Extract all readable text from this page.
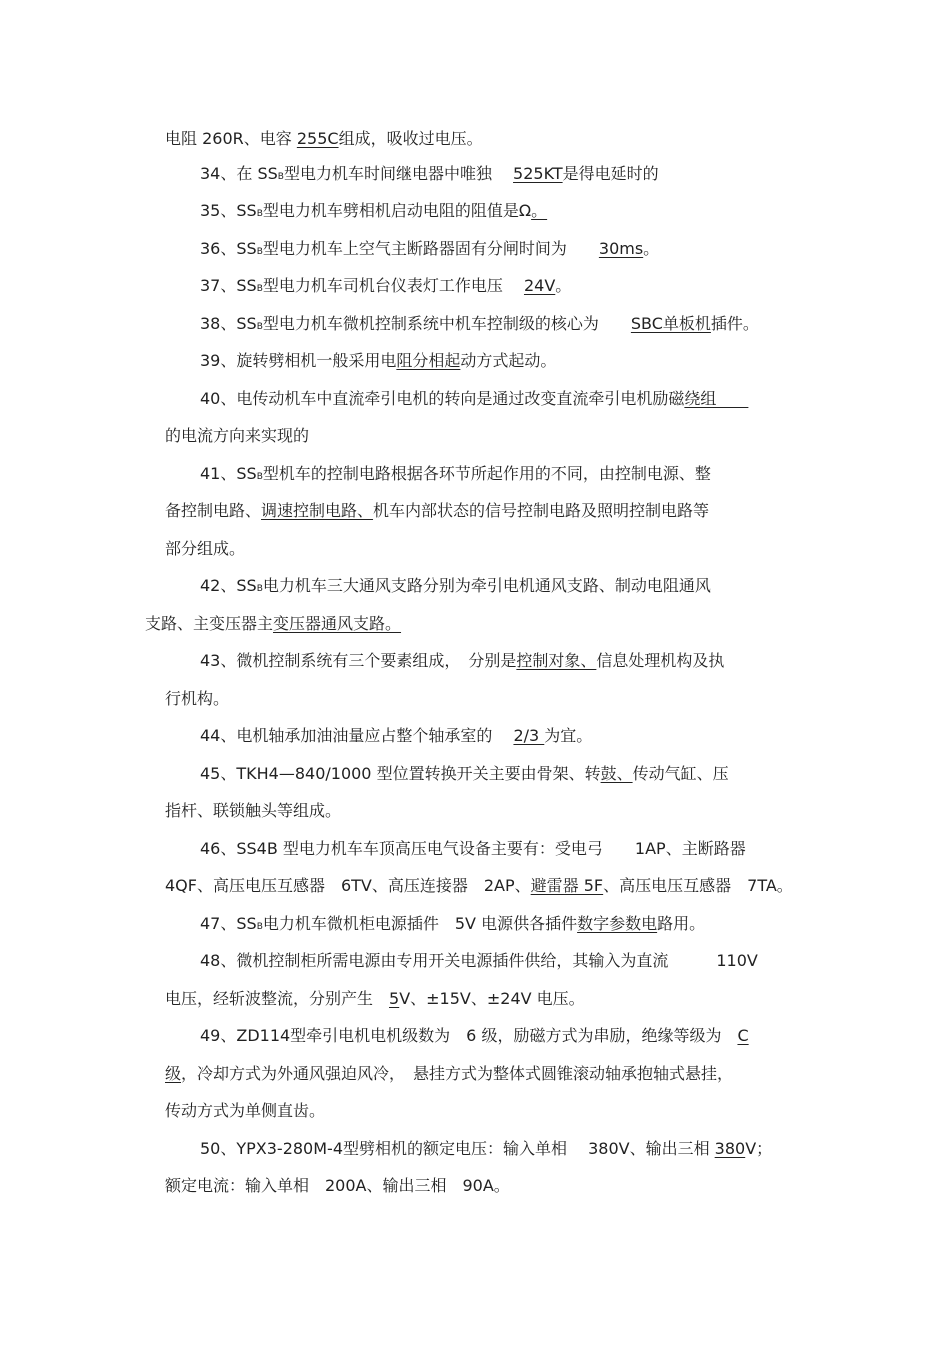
电阻 260R、电容 255C组成，吸收过电压。
34、在 SSB型电力机车时间继电器中唯独 　525KT是得电延时的
35、SSB型电力机车劈相机启动电阻的阻值是Ω。
36、SSB型电力机车上空气主断路器固有分闸时间为　　30ms。
37、SSB型电力机车司机台仪表灯工作电压　 24V。
38、SSB型电力机车微机控制系统中机车控制级的核心为　　SBC单板机插件。
39、旋转劈相机一般采用电阻分相起动方式起动。
40、电传动机车中直流牵引电机的转向是通过改变直流牵引电机励磁绕组　　
的电流方向来实现的
41、SSB型机车的控制电路根据各环节所起作用的不同，由控制电源、整
备控制电路、调速控制电路、机车内部状态的信号控制电路及照明控制电路等
部分组成。
42、SSB电力机车三大通风支路分别为牵引电机通风支路、制动电阻通风
支路、主变压器主变压器通风支路。
43、微机控制系统有三个要素组成，　分别是控制对象、信息处理机构及执
行机构。
44、电机轴承加油油量应占整个轴承室的　 2/3 为宜。
45、TKH4—840/1000 型位置转换开关主要由骨架、转鼓、传动气缸、压
指杆、联锁触头等组成。
46、SS4B 型电力机车车顶高压电气设备主要有：受电弓　　1AP、主断路器
4QF、高压电压互感器　6TV、高压连接器　2AP、避雷器 5F、高压电压互感器　7TA。
47、SSB电力机车微机柜电源插件　5V 电源供各插件数字参数电路用。
48、微机控制柜所需电源由专用开关电源插件供给，其输入为直流　　　110V
电压，经斩波整流，分别产生　5V、±15V、±24V 电压。
49、ZD114型牵引电机电机级数为　6 级，励磁方式为串励，绝缘等级为　C
级，冷却方式为外通风强迫风冷，　悬挂方式为整体式圆锥滚动轴承抱轴式悬挂，
传动方式为单侧直齿。
50、YPX3-280M-4型劈相机的额定电压：输入单相　 380V、输出三相 380V；
额定电流：输入单相　200A、输出三相　90A。
